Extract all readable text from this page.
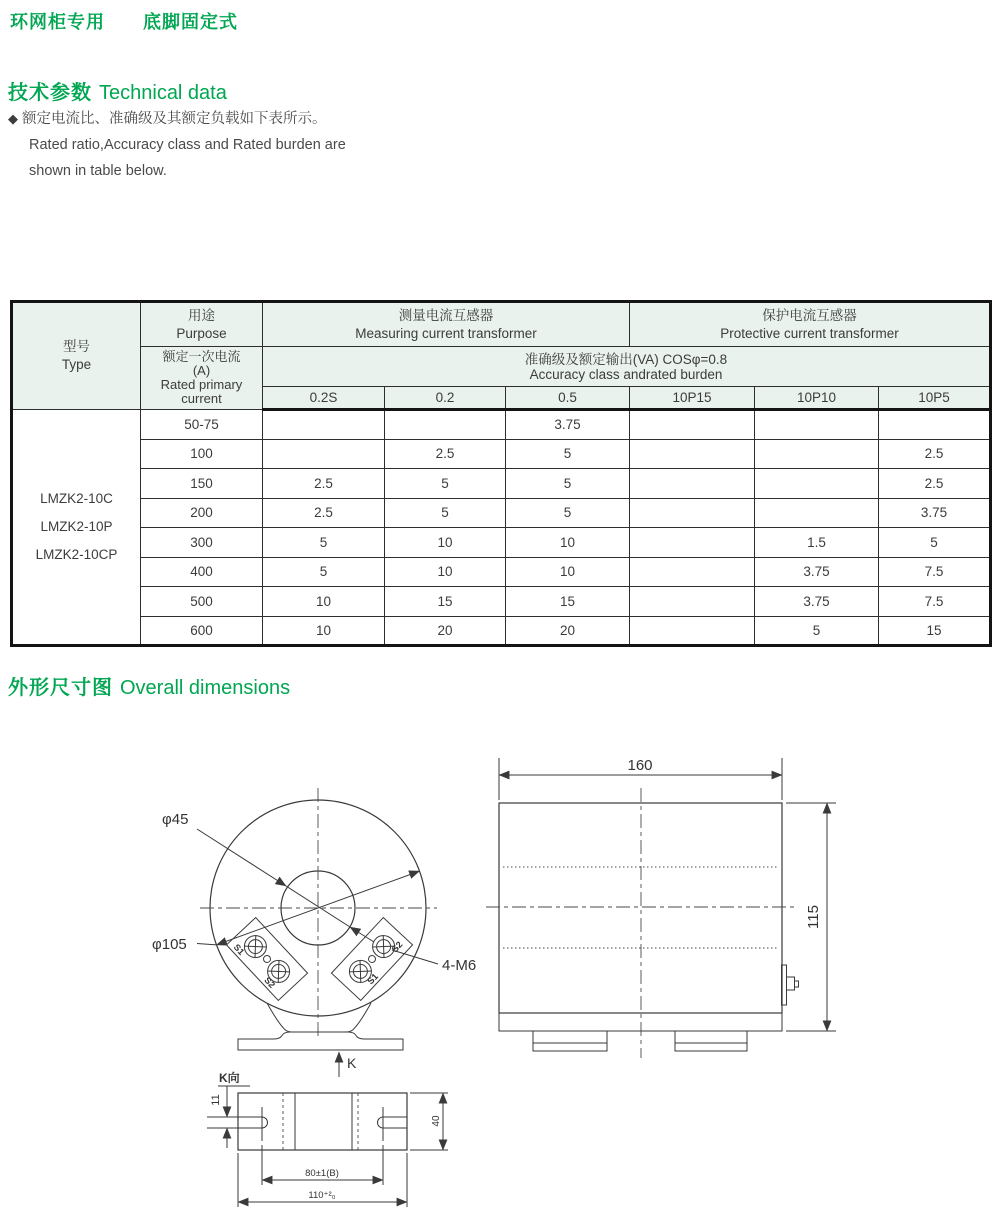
环网柜专用　　底脚固定式
技术参数 Technical data
◆ 额定电流比、准确级及其额定负载如下表所示。
Rated ratio,Accuracy class and Rated burden are
shown in table below.
型号
Type

用途
Purpose

测量电流互感器
Measuring current transformer

保护电流互感器
Protective current transformer

额定一次电流
(A)
Rated primary
current

准确级及额定输出(VA) COSφ=0.8
Accuracy class andrated burden

		0.2S	0.2	0.5	10P15	10P10	10P5

LMZK2-10C
LMZK2-10P
LMZK2-10CP	50-75			3.75			
	100		2.5	5			2.5
	150	2.5	5	5			2.5
	200	2.5	5	5			3.75
	300	5	10	10		1.5	5
	400	5	10	10		3.75	7.5
	500	10	15	15		3.75	7.5
	600	10	20	20		5	15
外形尺寸图 Overall dimensions
φ105
φ45
S1
S2	S1
S2
4-M6
K
K向
11
40
80±1(B)
110⁺²₀
160
115
